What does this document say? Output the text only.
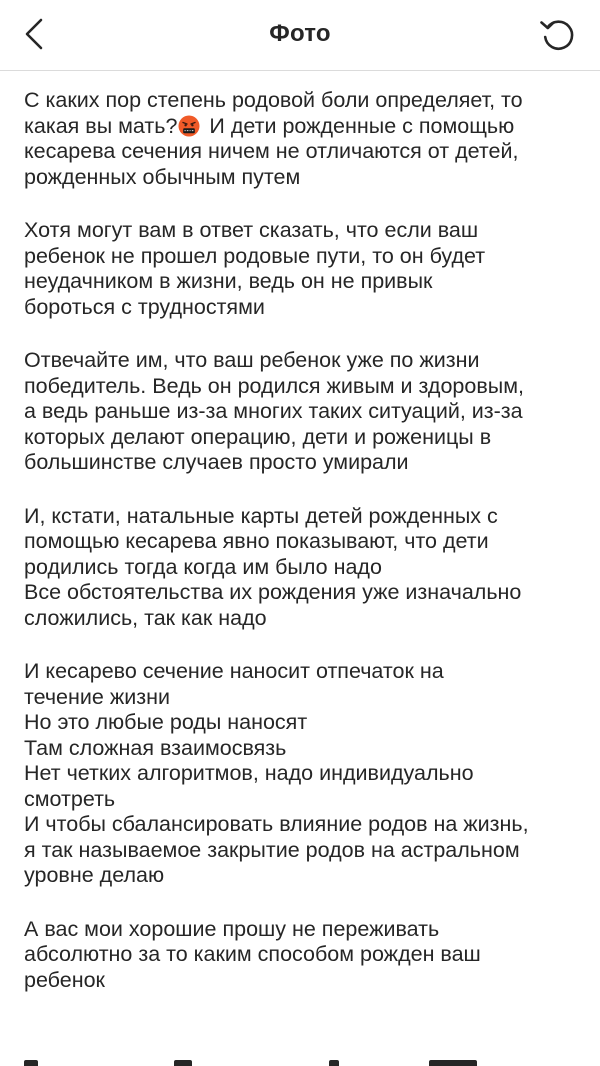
Фото
С каких пор степень родовой боли определяет, то
какая вы мать? И дети рожденные с помощью
кесарева сечения ничем не отличаются от детей,
рожденных обычным путем
Хотя могут вам в ответ сказать, что если ваш
ребенок не прошел родовые пути, то он будет
неудачником в жизни, ведь он не привык
бороться с трудностями
Отвечайте им, что ваш ребенок уже по жизни
победитель. Ведь он родился живым и здоровым,
а ведь раньше из-за многих таких ситуаций, из-за
которых делают операцию, дети и роженицы в
большинстве случаев просто умирали
И, кстати, натальные карты детей рожденных с
помощью кесарева явно показывают, что дети
родились тогда когда им было надо
Все обстоятельства их рождения уже изначально
сложились, так как надо
И кесарево сечение наносит отпечаток на
течение жизни
Но это любые роды наносят
Там сложная взаимосвязь
Нет четких алгоритмов, надо индивидуально
смотреть
И чтобы сбалансировать влияние родов на жизнь,
я так называемое закрытие родов на астральном
уровне делаю
А вас мои хорошие прошу не переживать
абсолютно за то каким способом рожден ваш
ребенок
